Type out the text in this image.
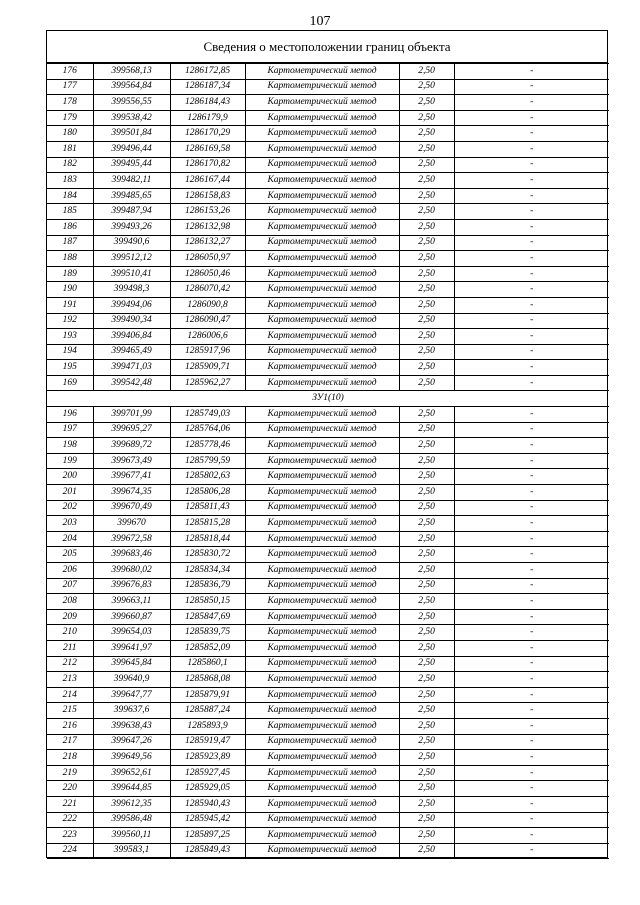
107
Сведения о местоположении границ объекта
176	399568,13	1286172,85	Картометрический метод	2,50	-
177	399564,84	1286187,34	Картометрический метод	2,50	-
178	399556,55	1286184,43	Картометрический метод	2,50	-
179	399538,42	1286179,9	Картометрический метод	2,50	-
180	399501,84	1286170,29	Картометрический метод	2,50	-
181	399496,44	1286169,58	Картометрический метод	2,50	-
182	399495,44	1286170,82	Картометрический метод	2,50	-
183	399482,11	1286167,44	Картометрический метод	2,50	-
184	399485,65	1286158,83	Картометрический метод	2,50	-
185	399487,94	1286153,26	Картометрический метод	2,50	-
186	399493,26	1286132,98	Картометрический метод	2,50	-
187	399490,6	1286132,27	Картометрический метод	2,50	-
188	399512,12	1286050,97	Картометрический метод	2,50	-
189	399510,41	1286050,46	Картометрический метод	2,50	-
190	399498,3	1286070,42	Картометрический метод	2,50	-
191	399494,06	1286090,8	Картометрический метод	2,50	-
192	399490,34	1286090,47	Картометрический метод	2,50	-
193	399406,84	1286006,6	Картометрический метод	2,50	-
194	399465,49	1285917,96	Картометрический метод	2,50	-
195	399471,03	1285909,71	Картометрический метод	2,50	-
169	399542,48	1285962,27	Картометрический метод	2,50	-
ЗУ1(10)					
196	399701,99	1285749,03	Картометрический метод	2,50	-
197	399695,27	1285764,06	Картометрический метод	2,50	-
198	399689,72	1285778,46	Картометрический метод	2,50	-
199	399673,49	1285799,59	Картометрический метод	2,50	-
200	399677,41	1285802,63	Картометрический метод	2,50	-
201	399674,35	1285806,28	Картометрический метод	2,50	-
202	399670,49	1285811,43	Картометрический метод	2,50	-
203	399670	1285815,28	Картометрический метод	2,50	-
204	399672,58	1285818,44	Картометрический метод	2,50	-
205	399683,46	1285830,72	Картометрический метод	2,50	-
206	399680,02	1285834,34	Картометрический метод	2,50	-
207	399676,83	1285836,79	Картометрический метод	2,50	-
208	399663,11	1285850,15	Картометрический метод	2,50	-
209	399660,87	1285847,69	Картометрический метод	2,50	-
210	399654,03	1285839,75	Картометрический метод	2,50	-
211	399641,97	1285852,09	Картометрический метод	2,50	-
212	399645,84	1285860,1	Картометрический метод	2,50	-
213	399640,9	1285868,08	Картометрический метод	2,50	-
214	399647,77	1285879,91	Картометрический метод	2,50	-
215	399637,6	1285887,24	Картометрический метод	2,50	-
216	399638,43	1285893,9	Картометрический метод	2,50	-
217	399647,26	1285919,47	Картометрический метод	2,50	-
218	399649,56	1285923,89	Картометрический метод	2,50	-
219	399652,61	1285927,45	Картометрический метод	2,50	-
220	399644,85	1285929,05	Картометрический метод	2,50	-
221	399612,35	1285940,43	Картометрический метод	2,50	-
222	399586,48	1285945,42	Картометрический метод	2,50	-
223	399560,11	1285897,25	Картометрический метод	2,50	-
224	399583,1	1285849,43	Картометрический метод	2,50	-
